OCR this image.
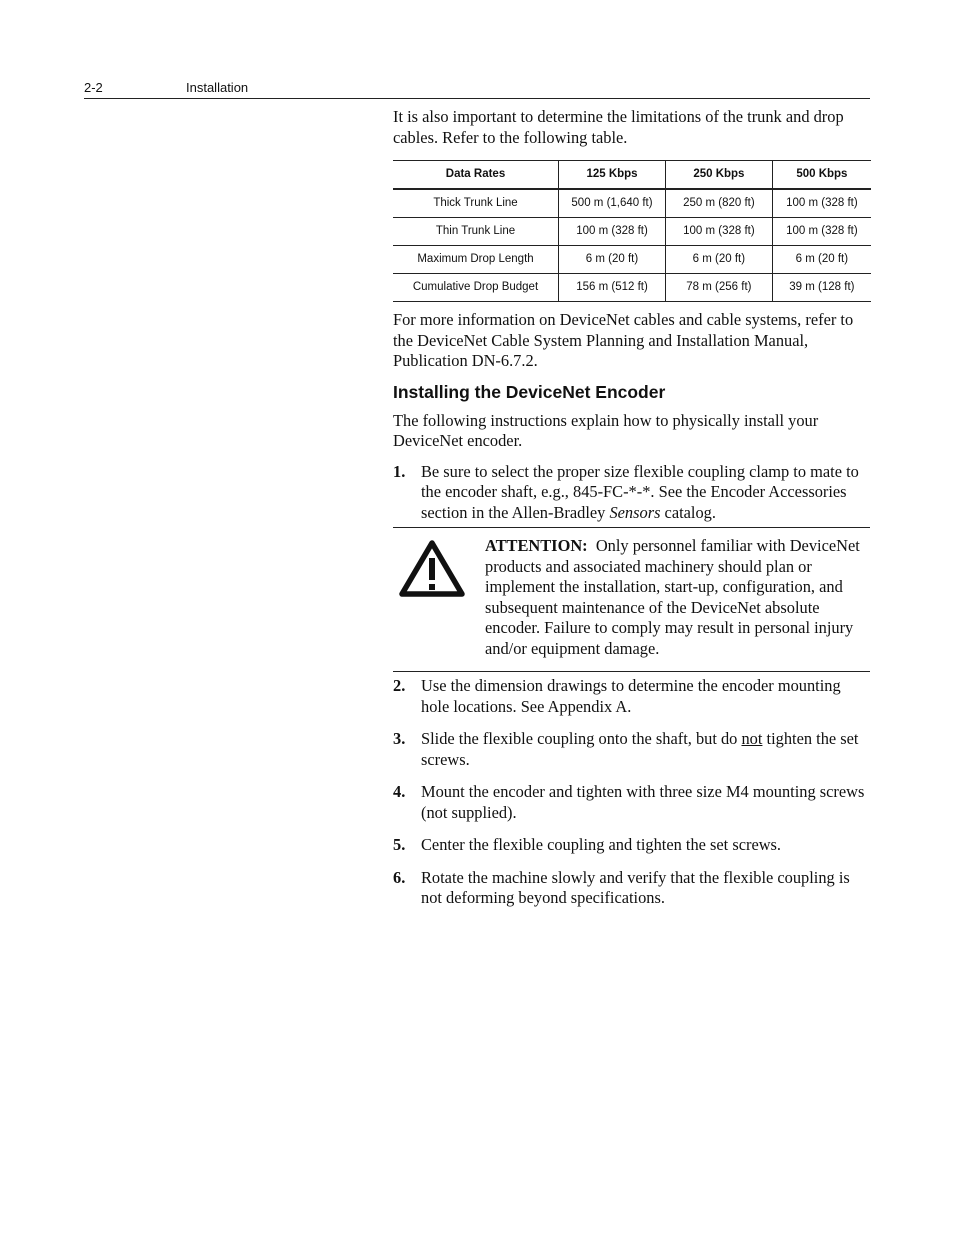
2-2	Installation

It is also important to determine the limitations of the trunk and drop cables. Refer to the following table.

Data Rates	125 Kbps	250 Kbps	500 Kbps
Thick Trunk Line	500 m (1,640 ft)	250 m (820 ft)	100 m (328 ft)
Thin Trunk Line	100 m (328 ft)	100 m (328 ft)	100 m (328 ft)
Maximum Drop Length	6 m (20 ft)	6 m (20 ft)	6 m (20 ft)
Cumulative Drop Budget	156 m (512 ft)	78 m (256 ft)	39 m (128 ft)

For more information on DeviceNet cables and cable systems, refer to the DeviceNet Cable System Planning and Installation Manual, Publication DN-6.7.2.

Installing the DeviceNet Encoder

The following instructions explain how to physically install your DeviceNet encoder.

1. Be sure to select the proper size flexible coupling clamp to mate to the encoder shaft, e.g., 845-FC-*-*. See the Encoder Accessories section in the Allen-Bradley Sensors catalog.
ATTENTION: Only personnel familiar with DeviceNet products and associated machinery should plan or implement the installation, start-up, configuration, and subsequent maintenance of the DeviceNet absolute encoder. Failure to comply may result in personal injury and/or equipment damage.
2. Use the dimension drawings to determine the encoder mounting hole locations. See Appendix A.
3. Slide the flexible coupling onto the shaft, but do not tighten the set screws.
4. Mount the encoder and tighten with three size M4 mounting screws (not supplied).
5. Center the flexible coupling and tighten the set screws.
6. Rotate the machine slowly and verify that the flexible coupling is not deforming beyond specifications.
